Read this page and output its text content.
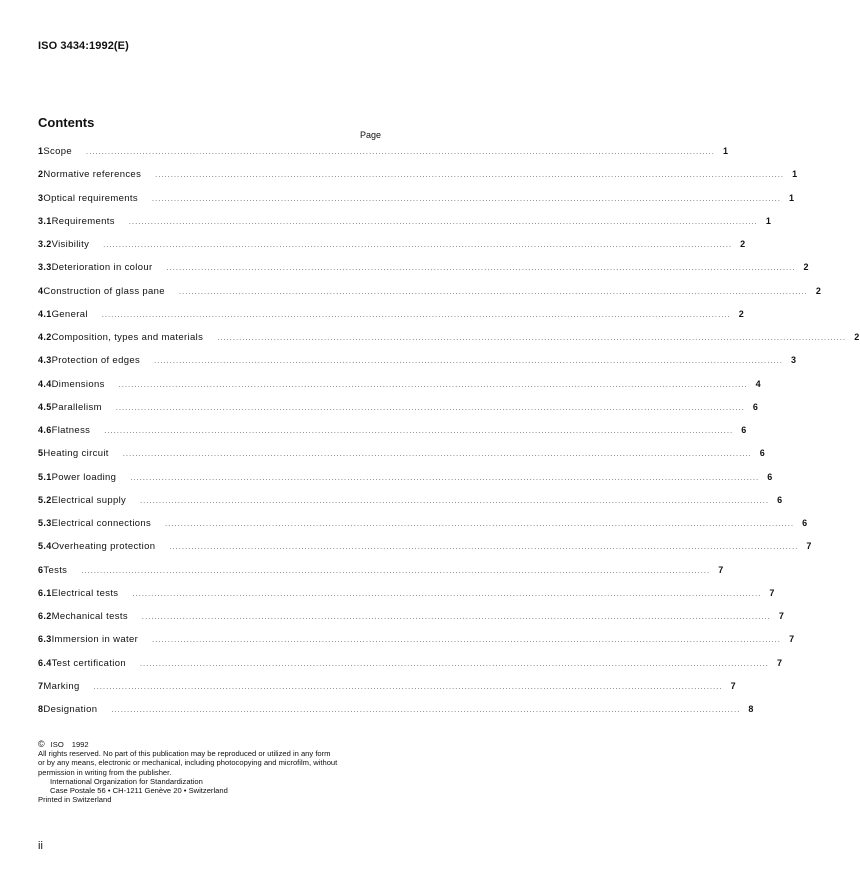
ISO 3434:1992(E)
Contents
Page
1 Scope	........................................................................................................................................................................................................ 1
2 Normative references	........................................................................................................................................................................................................ 1
3 Optical requirements	........................................................................................................................................................................................................ 1
3.1 Requirements	........................................................................................................................................................................................................ 1
3.2 Visibility	........................................................................................................................................................................................................ 2
3.3 Deterioration in colour	........................................................................................................................................................................................................ 2
4 Construction of glass pane	........................................................................................................................................................................................................ 2
4.1 General	........................................................................................................................................................................................................ 2
4.2 Composition, types and materials	........................................................................................................................................................................................................ 2
4.3 Protection of edges	........................................................................................................................................................................................................ 3
4.4 Dimensions	........................................................................................................................................................................................................ 4
4.5 Parallelism	........................................................................................................................................................................................................ 6
4.6 Flatness	........................................................................................................................................................................................................ 6
5 Heating circuit	........................................................................................................................................................................................................ 6
5.1 Power loading	........................................................................................................................................................................................................ 6
5.2 Electrical supply	........................................................................................................................................................................................................ 6
5.3 Electrical connections	........................................................................................................................................................................................................ 6
5.4 Overheating protection	........................................................................................................................................................................................................ 7
6 Tests	........................................................................................................................................................................................................ 7
6.1 Electrical tests	........................................................................................................................................................................................................ 7
6.2 Mechanical tests	........................................................................................................................................................................................................ 7
6.3 Immersion in water	........................................................................................................................................................................................................ 7
6.4 Test certification	........................................................................................................................................................................................................ 7
7 Marking	........................................................................................................................................................................................................ 7
8 Designation	........................................................................................................................................................................................................ 8
© ISO 1992
All rights reserved. No part of this publication may be reproduced or utilized in any form
or by any means, electronic or mechanical, including photocopying and microfilm, without
permission in writing from the publisher.
International Organization for Standardization
Case Postale 56 • CH-1211 Genève 20 • Switzerland
Printed in Switzerland
ii
